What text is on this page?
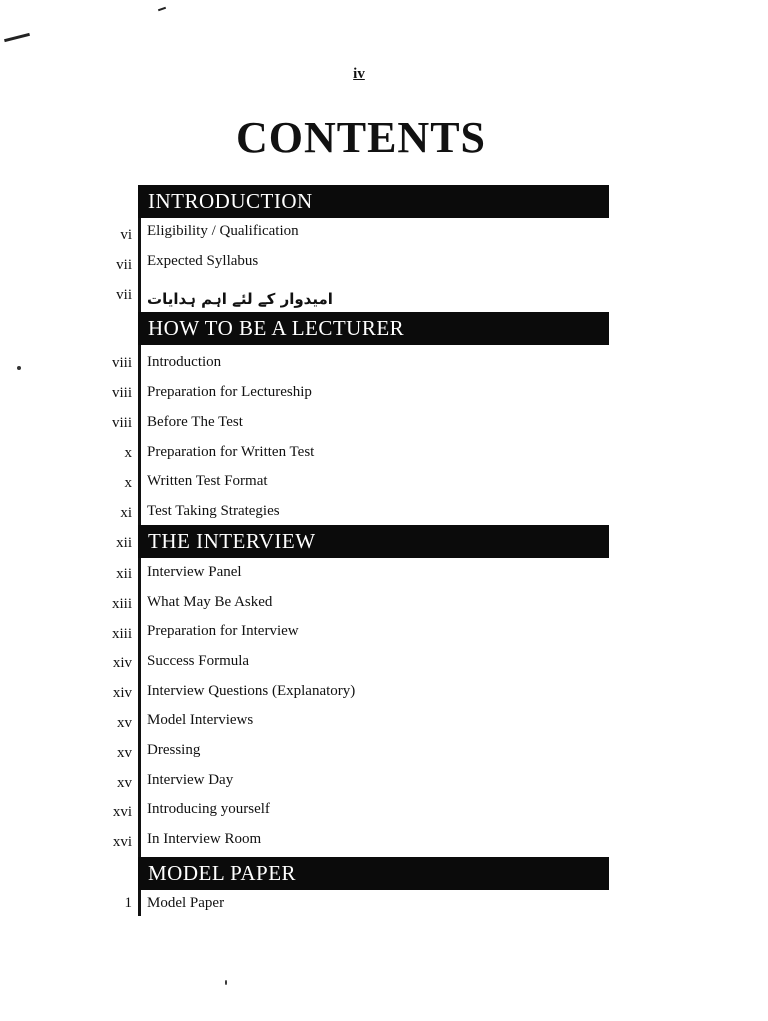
iv
CONTENTS
INTRODUCTION
vi Eligibility / Qualification
vii Expected Syllabus
vii امیدوار کے لئے اہم ہدایات
HOW TO BE A LECTURER
viii Introduction
viii Preparation for Lectureship
viii Before The Test
x Preparation for Written Test
x Written Test Format
xi Test Taking Strategies
xii THE INTERVIEW
xii Interview Panel
xiii What May Be Asked
xiii Preparation for Interview
xiv Success Formula
xiv Interview Questions (Explanatory)
xv Model Interviews
xv Dressing
xv Interview Day
xvi Introducing yourself
xvi In Interview Room
MODEL PAPER
1 Model Paper
